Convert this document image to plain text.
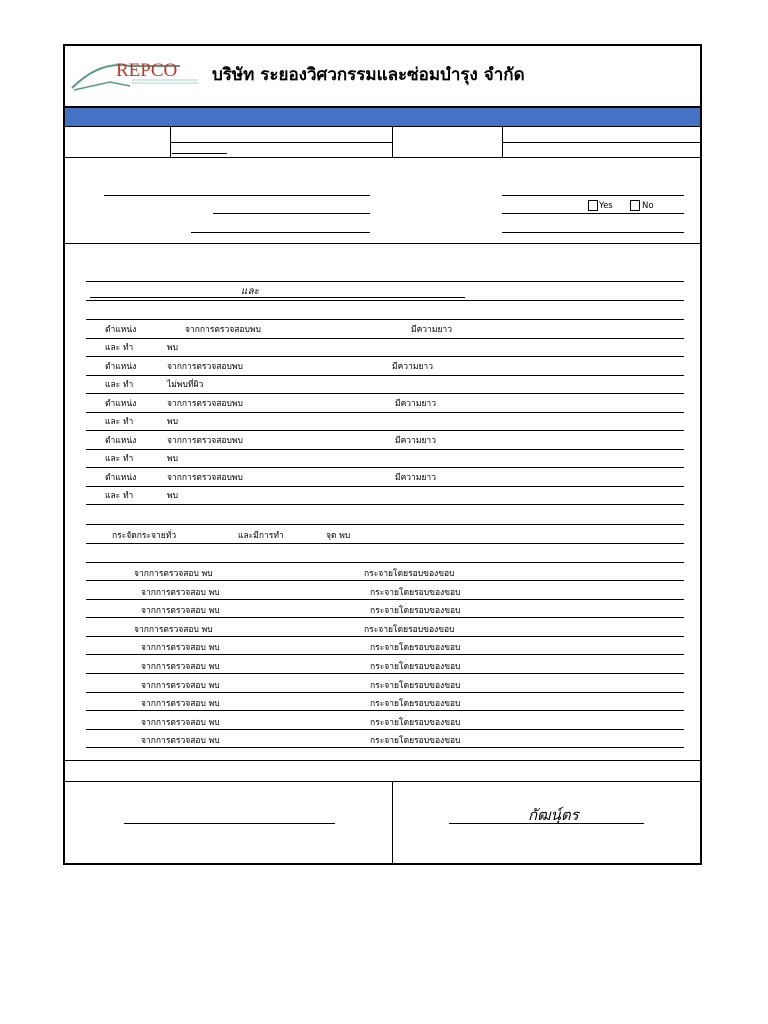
REPCO บริษัท ระยองวิศวกรรมและซ่อมบำรุง จำกัด
Yes	No
และ
ตำแหน่ง	จากการตรวจสอบพบ	มีความยาว
และ ทำ	พบ
ตำแหน่ง	จากการตรวจสอบพบ	มีความยาว
และ ทำ	ไม่พบที่ผิว
ตำแหน่ง	จากการตรวจสอบพบ	มีความยาว
และ ทำ	พบ
ตำแหน่ง	จากการตรวจสอบพบ	มีความยาว
และ ทำ	พบ
ตำแหน่ง	จากการตรวจสอบพบ	มีความยาว
และ ทำ	พบ
กระจัดกระจายทั่ว	และมีการทำ	จุด พบ
จากการตรวจสอบ พบ	กระจายโดยรอบของขอบ
จากการตรวจสอบ พบ	กระจายโดยรอบของขอบ
จากการตรวจสอบ พบ	กระจายโดยรอบของขอบ
จากการตรวจสอบ พบ	กระจายโดยรอบของขอบ
จากการตรวจสอบ พบ	กระจายโดยรอบของขอบ
จากการตรวจสอบ พบ	กระจายโดยรอบของขอบ
จากการตรวจสอบ พบ	กระจายโดยรอบของขอบ
จากการตรวจสอบ พบ	กระจายโดยรอบของขอบ
จากการตรวจสอบ พบ	กระจายโดยรอบของขอบ
จากการตรวจสอบ พบ	กระจายโดยรอบของขอบ
กัฒนุ์ตร
